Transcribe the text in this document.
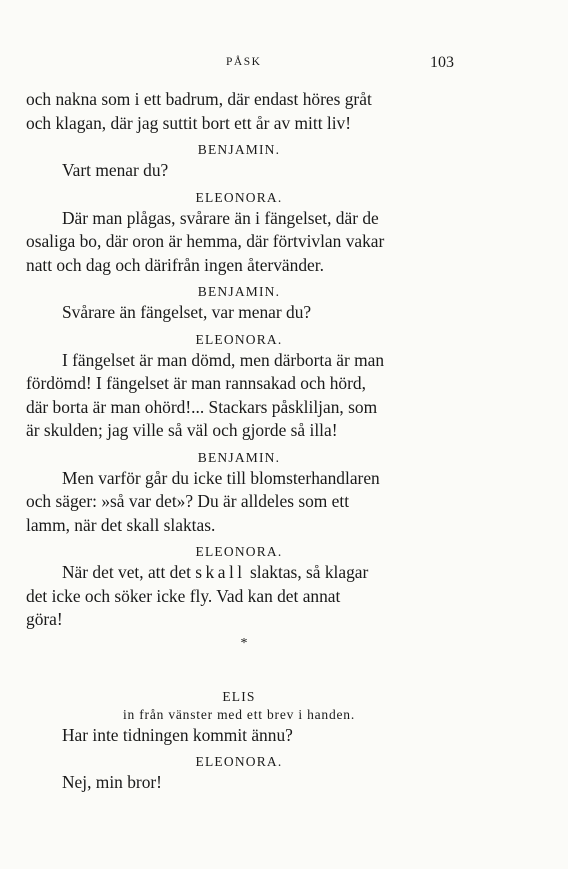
PÅSK	103

och nakna som i ett badrum, där endast höres gråt
och klagan, där jag suttit bort ett år av mitt liv!

BENJAMIN.

Vart menar du?

ELEONORA.

Där man plågas, svårare än i fängelset, där de
osaliga bo, där oron är hemma, där förtvivlan vakar
natt och dag och därifrån ingen återvänder.

BENJAMIN.

Svårare än fängelset, var menar du?

ELEONORA.

I fängelset är man dömd, men därborta är man
fördömd! I fängelset är man rannsakad och hörd,
där borta är man ohörd!... Stackars påskliljan, som
är skulden; jag ville så väl och gjorde så illa!

BENJAMIN.

Men varför går du icke till blomsterhandlaren
och säger: »så var det»? Du är alldeles som ett
lamm, när det skall slaktas.

ELEONORA.

När det vet, att det skall slaktas, så klagar
det icke och söker icke fly. Vad kan det annat
göra!

*
ELIS

in från vänster med ett brev i handen.

Har inte tidningen kommit ännu?

ELEONORA.

Nej, min bror!
